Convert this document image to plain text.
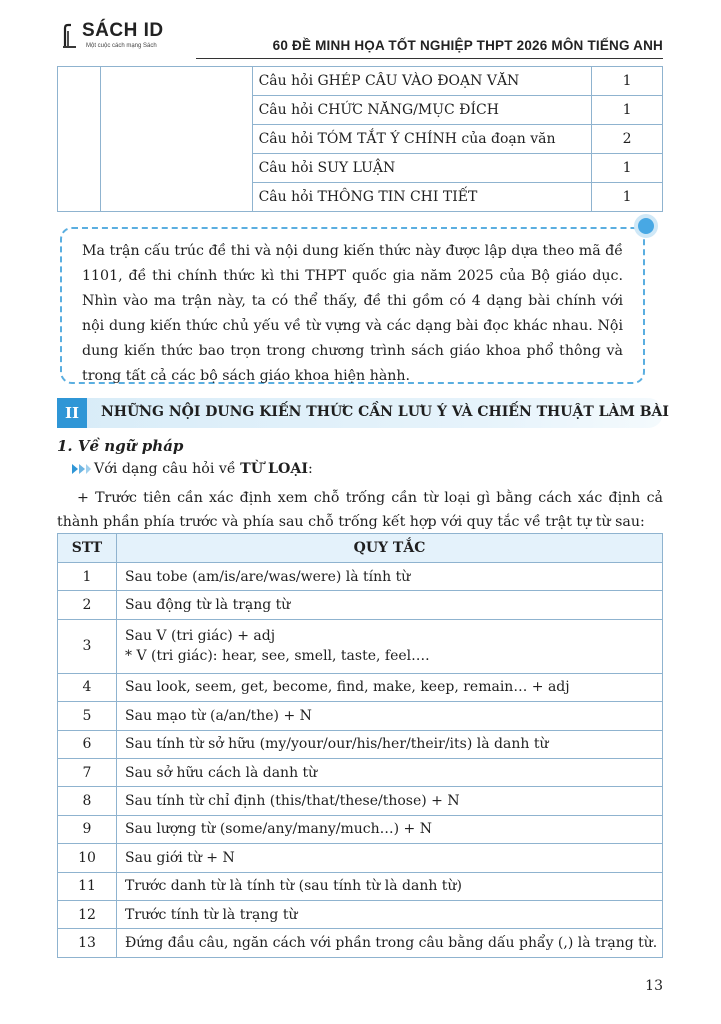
SÁCH ID
Một cuộc cách mạng Sách	60 ĐỀ MINH HỌA TỐT NGHIỆP THPT 2026 MÔN TIẾNG ANH
		Câu hỏi GHÉP CÂU VÀO ĐOẠN VĂN	1
		Câu hỏi CHỨC NĂNG/MỤC ĐÍCH	1
		Câu hỏi TÓM TẮT Ý CHÍNH của đoạn văn	2
		Câu hỏi SUY LUẬN	1
		Câu hỏi THÔNG TIN CHI TIẾT	1

Ma trận cấu trúc đề thi và nội dung kiến thức này được lập dựa theo mã đề 1101, đề thi chính thức kì thi THPT quốc gia năm 2025 của Bộ giáo dục. Nhìn vào ma trận này, ta có thể thấy, đề thi gồm có 4 dạng bài chính với nội dung kiến thức chủ yếu về từ vựng và các dạng bài đọc khác nhau. Nội dung kiến thức bao trọn trong chương trình sách giáo khoa phổ thông và trong tất cả các bộ sách giáo khoa hiện hành.

II	NHỮNG NỘI DUNG KIẾN THỨC CẦN LƯU Ý VÀ CHIẾN THUẬT LÀM BÀI
1. Về ngữ pháp
Với dạng câu hỏi về TỪ LOẠI:
+ Trước tiên cần xác định xem chỗ trống cần từ loại gì bằng cách xác định cả thành phần phía trước và phía sau chỗ trống kết hợp với quy tắc về trật tự từ sau:
STT	QUY TẮC
1	Sau tobe (am/is/are/was/were) là tính từ
2	Sau động từ là trạng từ
3	Sau V (tri giác) + adj
* V (tri giác): hear, see, smell, taste, feel….

4	Sau look, seem, get, become, find, make, keep, remain… + adj
5	Sau mạo từ (a/an/the) + N
6	Sau tính từ sở hữu (my/your/our/his/her/their/its) là danh từ
7	Sau sở hữu cách là danh từ
8	Sau tính từ chỉ định (this/that/these/those) + N
9	Sau lượng từ (some/any/many/much…) + N
10	Sau giới từ + N
11	Trước danh từ là tính từ (sau tính từ là danh từ)
12	Trước tính từ là trạng từ
13	Đứng đầu câu, ngăn cách với phần trong câu bằng dấu phẩy (,) là trạng từ.
13
